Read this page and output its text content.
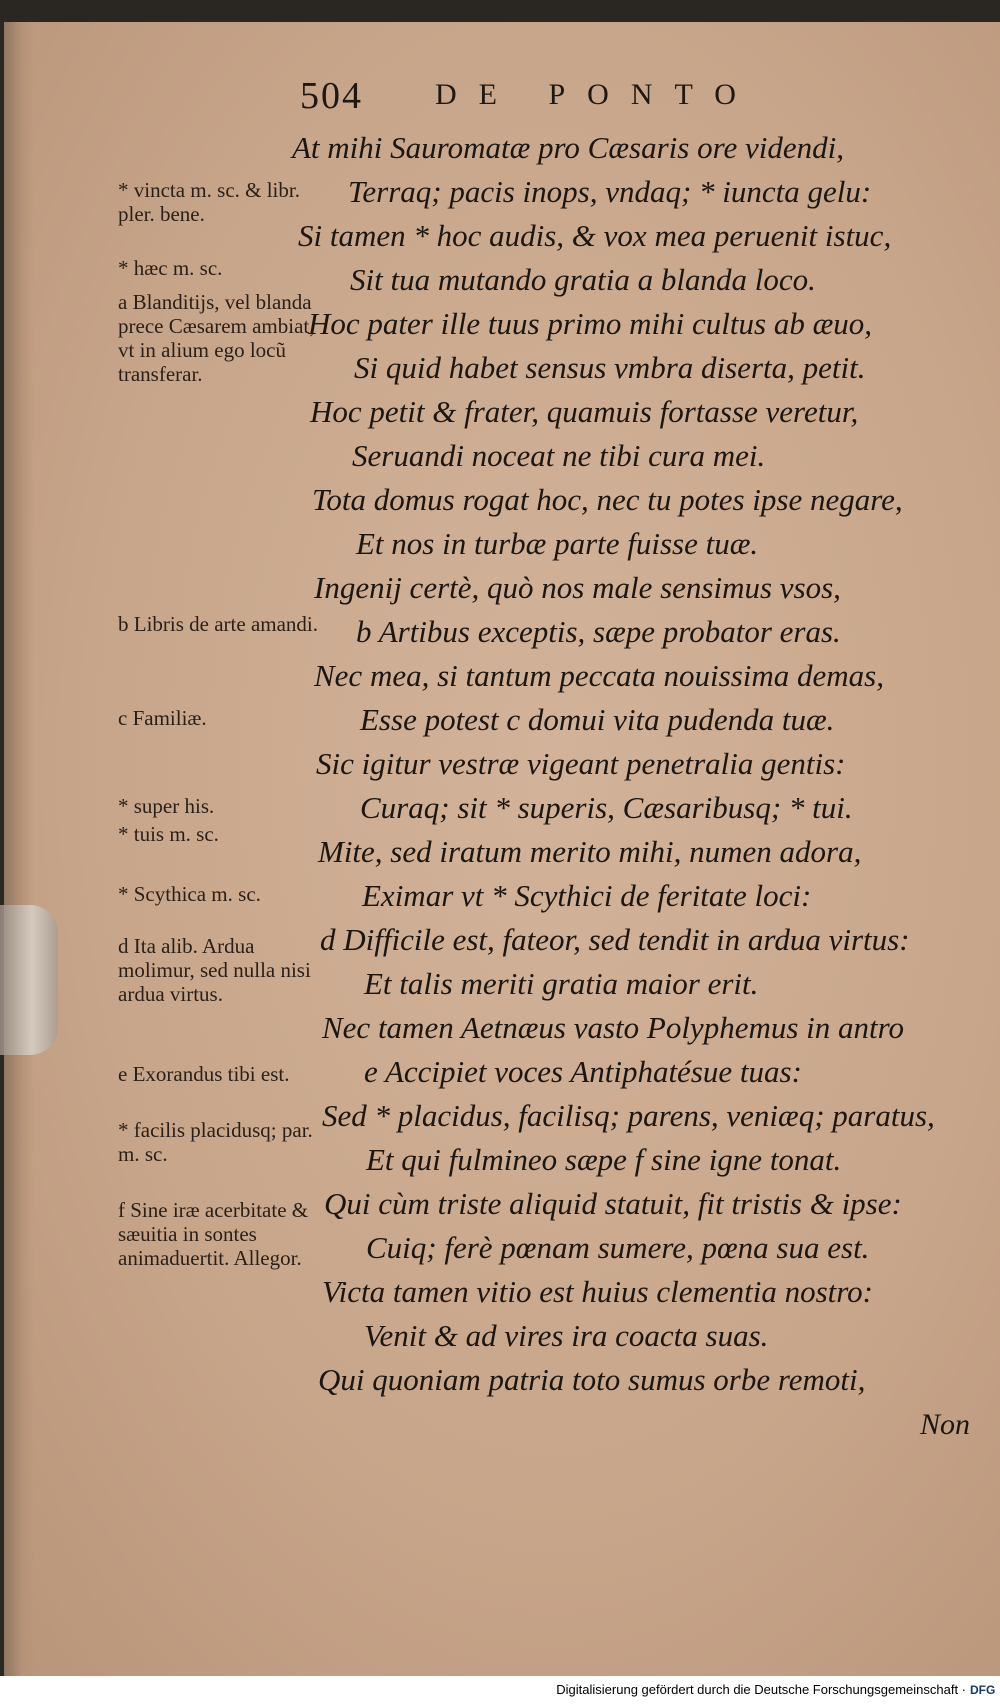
504 DE PONTO
At mihi Sauromatæ pro Cæsaris ore videndi,
Terraq; pacis inops, vndaq; * iuncta gelu:
Si tamen * hoc audis, & vox mea peruenit istuc,
Sit tua mutando gratia a blanda loco.
Hoc pater ille tuus primo mihi cultus ab æuo,
Si quid habet sensus vmbra diserta, petit.
Hoc petit & frater, quamuis fortasse veretur,
Seruandi noceat ne tibi cura mei.
Tota domus rogat hoc, nec tu potes ipse negare,
Et nos in turbæ parte fuisse tuæ.
Ingenij certè, quò nos male sensimus vsos,
b Artibus exceptis, sæpe probator eras.
Nec mea, si tantum peccata nouissima demas,
Esse potest c domui vita pudenda tuæ.
Sic igitur vestræ vigeant penetralia gentis:
Curaq; sit * superis, Cæsaribusq; * tui.
Mite, sed iratum merito mihi, numen adora,
Eximar vt * Scythici de feritate loci:
d Difficile est, fateor, sed tendit in ardua virtus:
Et talis meriti gratia maior erit.
Nec tamen Aetnæus vasto Polyphemus in antro
e Accipiet voces Antiphatésue tuas:
Sed * placidus, facilisq; parens, veniæq; paratus,
Et qui fulmineo sæpe f sine igne tonat.
Qui cùm triste aliquid statuit, fit tristis & ipse:
Cuiq; ferè pœnam sumere, pœna sua est.
Victa tamen vitio est huius clementia nostro:
Venit & ad vires ira coacta suas.
Qui quoniam patria toto sumus orbe remoti,
* vincta m. sc. & libr. pler. bene.
* hæc m. sc.
a Blanditijs, vel blanda prece Cæsarem ambiat, vt in alium ego locũ transferar.
b Libris de arte amandi.
c Familiæ.
* super his.
* tuis m. sc.
* Scythica m. sc.
d Ita alib. Ardua molimur, sed nulla nisi ardua virtus.
e Exorandus tibi est.
* facilis placidusq; par. m. sc.
f Sine iræ acerbitate & sæuitia in sontes animaduertit. Allegor.
Non
Digitalisierung gefördert durch die Deutsche Forschungsgemeinschaft · DFG
